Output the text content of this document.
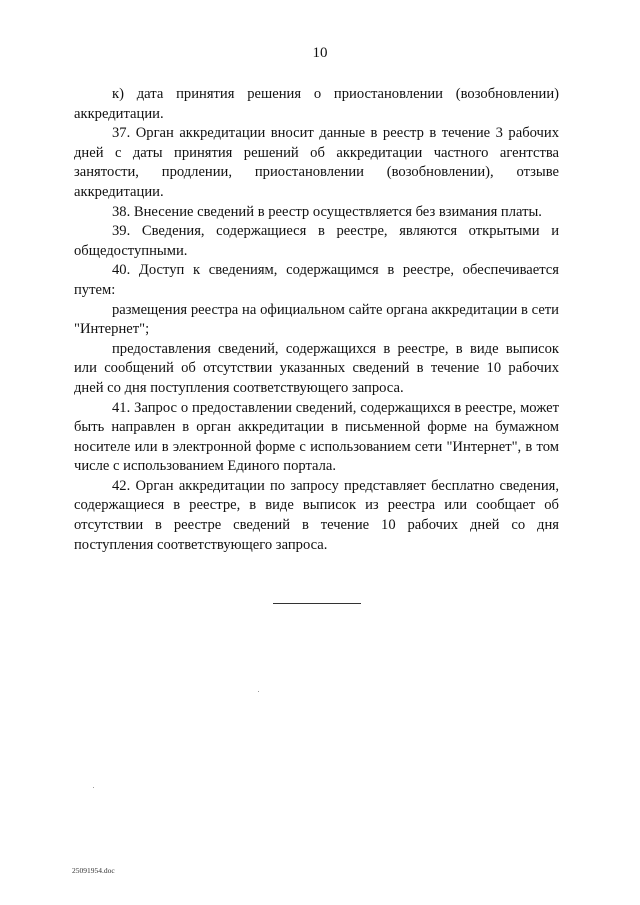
10

к) дата принятия решения о приостановлении (возобновлении) аккредитации.

37. Орган аккредитации вносит данные в реестр в течение 3 рабочих дней с даты принятия решений об аккредитации частного агентства занятости, продлении, приостановлении (возобновлении), отзыве аккредитации.

38. Внесение сведений в реестр осуществляется без взимания платы.

39. Сведения, содержащиеся в реестре, являются открытыми и общедоступными.

40. Доступ к сведениям, содержащимся в реестре, обеспечивается путем:

размещения реестра на официальном сайте органа аккредитации в сети "Интернет";

предоставления сведений, содержащихся в реестре, в виде выписок или сообщений об отсутствии указанных сведений в течение 10 рабочих дней со дня поступления соответствующего запроса.

41. Запрос о предоставлении сведений, содержащихся в реестре, может быть направлен в орган аккредитации в письменной форме на бумажном носителе или в электронной форме с использованием сети "Интернет", в том числе с использованием Единого портала.

42. Орган аккредитации по запросу представляет бесплатно сведения, содержащиеся в реестре, в виде выписок из реестра или сообщает об отсутствии в реестре сведений в течение 10 рабочих дней со дня поступления соответствующего запроса.

25091954.doc
